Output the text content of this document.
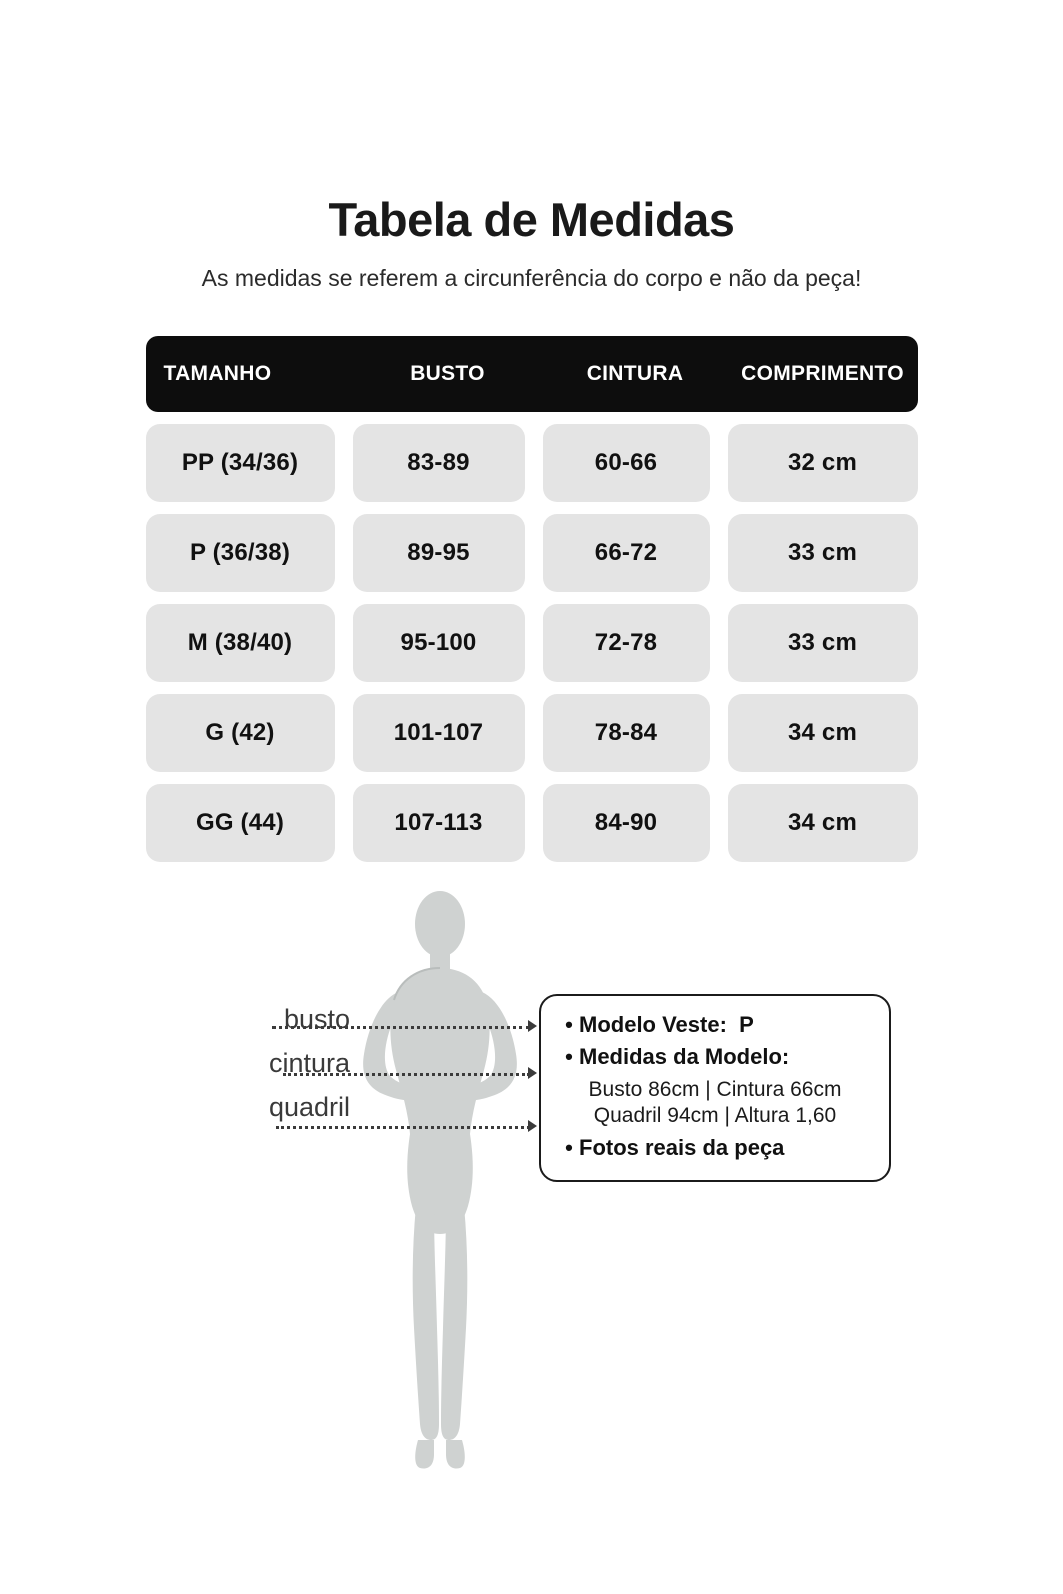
Tabela de Medidas

As medidas se referem a circunferência do corpo e não da peça!

TAMANHO	BUSTO	CINTURA	COMPRIMENTO
PP (34/36)	83-89	60-66	32 cm
P (36/38)	89-95	66-72	33 cm
M (38/40)	95-100	72-78	33 cm
G (42)	101-107	78-84	34 cm
GG (44)	107-113	84-90	34 cm
busto
cintura
quadril
• Modelo Veste: P
• Medidas da Modelo:
Busto 86cm | Cintura 66cm
Quadril 94cm | Altura 1,60
• Fotos reais da peça
